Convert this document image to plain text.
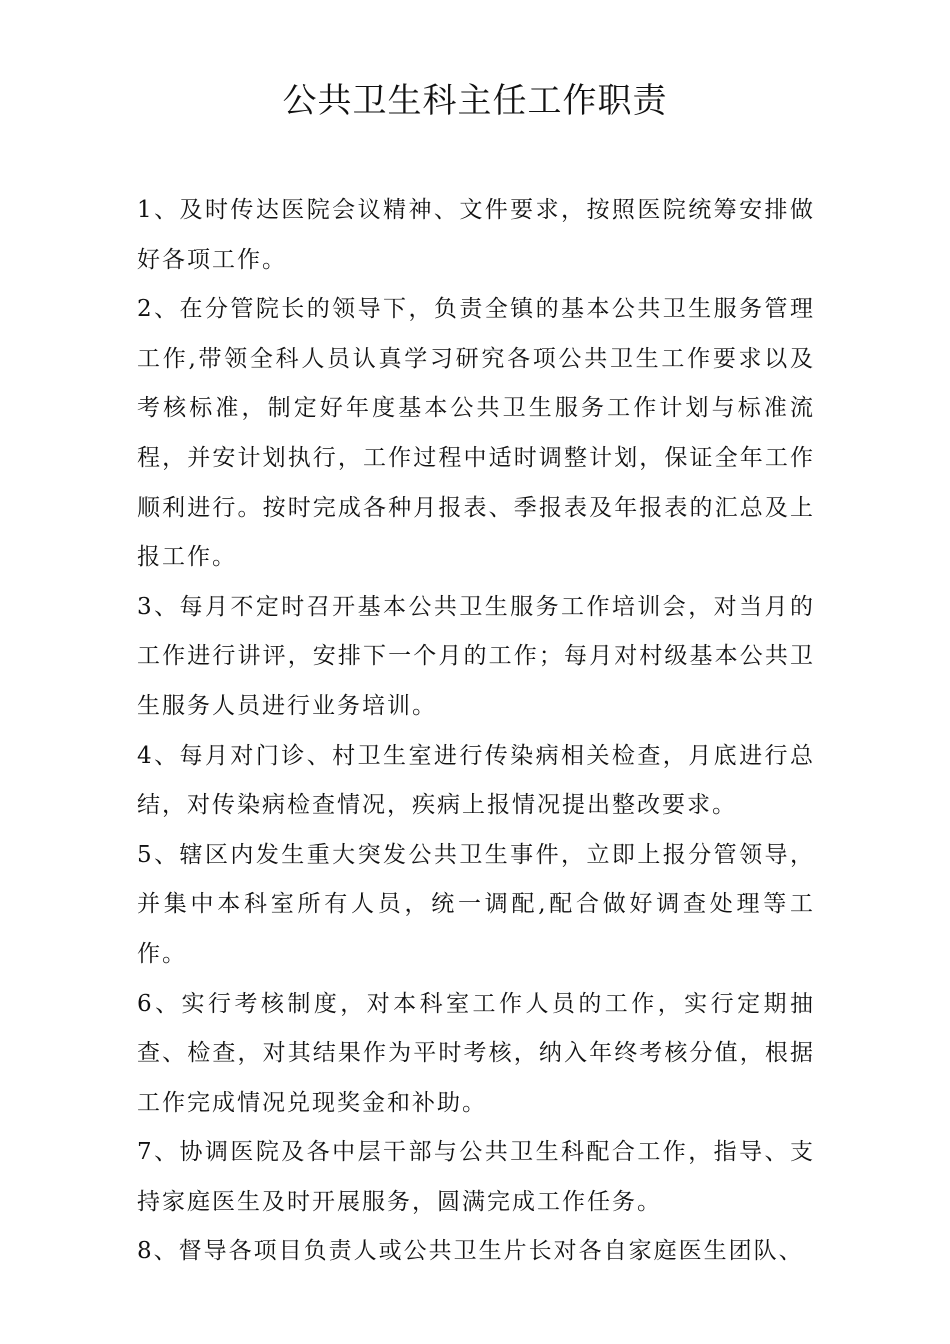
公共卫生科主任工作职责

1、及时传达医院会议精神、文件要求，按照医院统筹安排做好各项工作。

2、在分管院长的领导下，负责全镇的基本公共卫生服务管理工作,带领全科人员认真学习研究各项公共卫生工作要求以及考核标准，制定好年度基本公共卫生服务工作计划与标准流程，并安计划执行，工作过程中适时调整计划，保证全年工作顺利进行。按时完成各种月报表、季报表及年报表的汇总及上报工作。

3、每月不定时召开基本公共卫生服务工作培训会，对当月的工作进行讲评，安排下一个月的工作；每月对村级基本公共卫生服务人员进行业务培训。

4、每月对门诊、村卫生室进行传染病相关检查，月底进行总结，对传染病检查情况，疾病上报情况提出整改要求。

5、辖区内发生重大突发公共卫生事件，立即上报分管领导，并集中本科室所有人员，统一调配,配合做好调查处理等工作。

6、实行考核制度，对本科室工作人员的工作，实行定期抽查、检查，对其结果作为平时考核，纳入年终考核分值，根据工作完成情况兑现奖金和补助。

7、协调医院及各中层干部与公共卫生科配合工作，指导、支持家庭医生及时开展服务，圆满完成工作任务。

8、督导各项目负责人或公共卫生片长对各自家庭医生团队、
